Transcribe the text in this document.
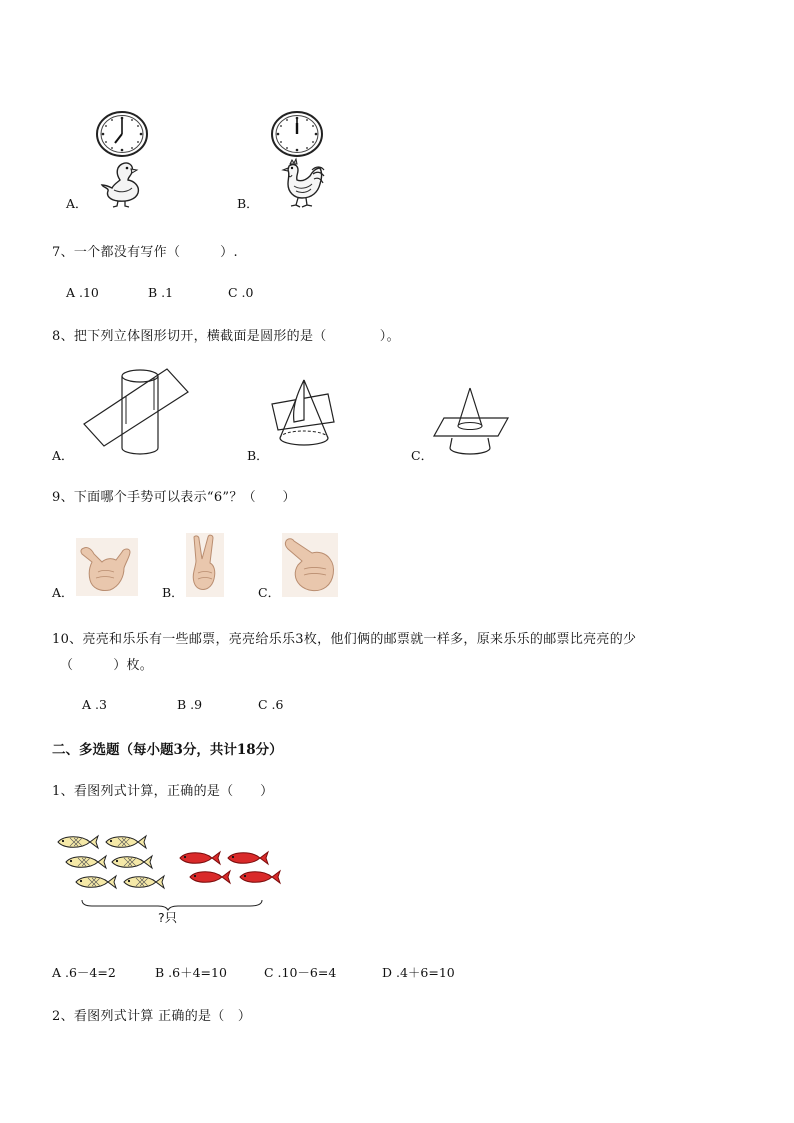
A．	B．
7、一个都没有写作（　　　）.
A .10	B .1	C .0
8、把下列立体图形切开，横截面是圆形的是（　　　　）。
A．	B．	C．
9、下面哪个手势可以表示“6”？（　　）
A．	B．	C．
10、亮亮和乐乐有一些邮票，亮亮给乐乐3枚，他们俩的邮票就一样多，原来乐乐的邮票比亮亮的少
（　　　）枚。
A .3	B .9	C .6
二、多选题（每小题3分，共计18分）
1、看图列式计算，正确的是（　　）
?只
A .6－4=2	B .6＋4=10	C .10－6=4	D .4＋6=10
2、看图列式计算 正确的是（　）
